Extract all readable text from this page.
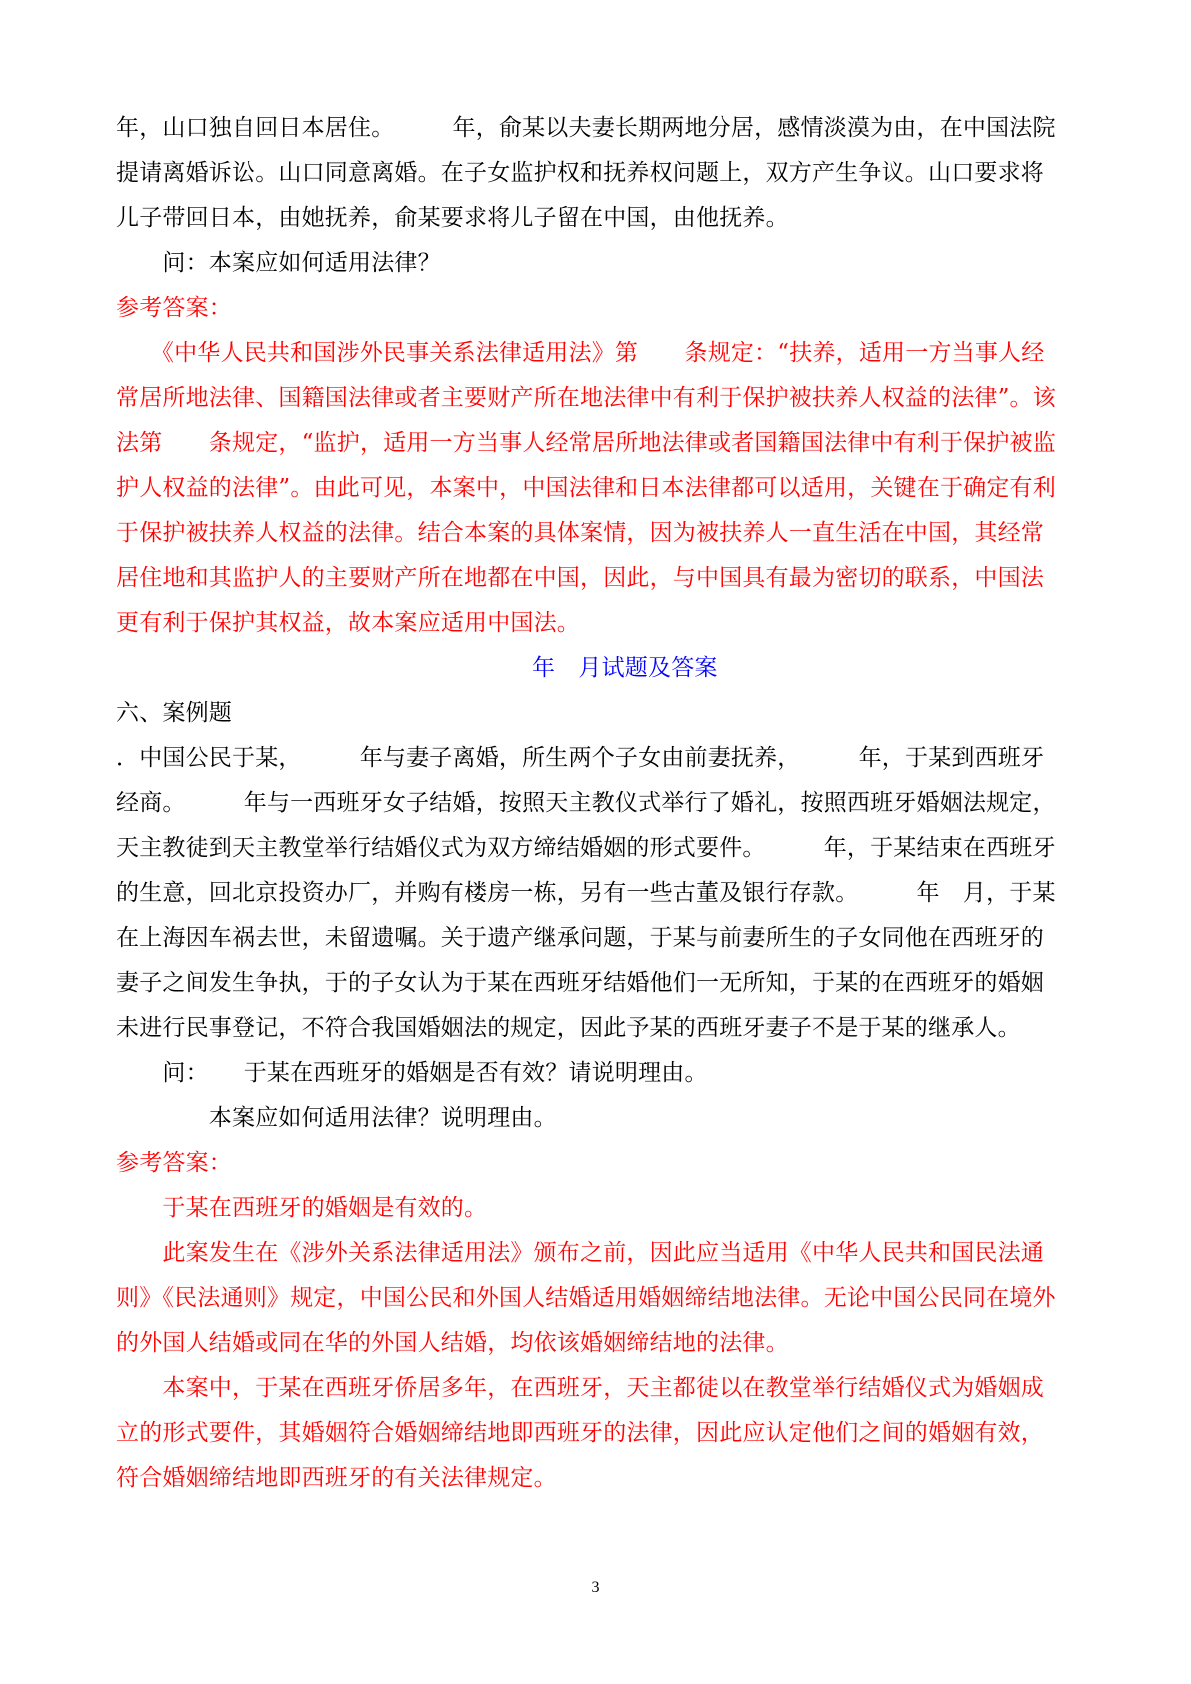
年，山口独自回日本居住。　　　年，俞某以夫妻长期两地分居，感情淡漠为由，在中国法院
提请离婚诉讼。山口同意离婚。在子女监护权和抚养权问题上，双方产生争议。山口要求将
儿子带回日本，由她抚养，俞某要求将儿子留在中国，由他抚养。
　　问：本案应如何适用法律？
参考答案：
　　《中华人民共和国涉外民事关系法律适用法》第　　条规定：“扶养，适用一方当事人经
常居所地法律、国籍国法律或者主要财产所在地法律中有利于保护被扶养人权益的法律”。该
法第　　条规定，“监护，适用一方当事人经常居所地法律或者国籍国法律中有利于保护被监
护人权益的法律”。由此可见，本案中，中国法律和日本法律都可以适用，关键在于确定有利
于保护被扶养人权益的法律。结合本案的具体案情，因为被扶养人一直生活在中国，其经常
居住地和其监护人的主要财产所在地都在中国，因此，与中国具有最为密切的联系，中国法
更有利于保护其权益，故本案应适用中国法。
年　月试题及答案
六、案例题
．中国公民于某，　　　年与妻子离婚，所生两个子女由前妻抚养，　　　年，于某到西班牙
经商。　　　年与一西班牙女子结婚，按照天主教仪式举行了婚礼，按照西班牙婚姻法规定，
天主教徒到天主教堂举行结婚仪式为双方缔结婚姻的形式要件。　　　年，于某结束在西班牙
的生意，回北京投资办厂，并购有楼房一栋，另有一些古董及银行存款。　　　年　月，于某
在上海因车祸去世，未留遗嘱。关于遗产继承问题，于某与前妻所生的子女同他在西班牙的
妻子之间发生争执，于的子女认为于某在西班牙结婚他们一无所知，于某的在西班牙的婚姻
未进行民事登记，不符合我国婚姻法的规定，因此予某的西班牙妻子不是于某的继承人。
　　问：　　于某在西班牙的婚姻是否有效？请说明理由。
　　　　本案应如何适用法律？说明理由。
参考答案：
　　于某在西班牙的婚姻是有效的。
　　此案发生在《涉外关系法律适用法》颁布之前，因此应当适用《中华人民共和国民法通
则》《民法通则》规定，中国公民和外国人结婚适用婚姻缔结地法律。无论中国公民同在境外
的外国人结婚或同在华的外国人结婚，均依该婚姻缔结地的法律。
　　本案中，于某在西班牙侨居多年，在西班牙，天主都徒以在教堂举行结婚仪式为婚姻成
立的形式要件，其婚姻符合婚姻缔结地即西班牙的法律，因此应认定他们之间的婚姻有效，
符合婚姻缔结地即西班牙的有关法律规定。
3
